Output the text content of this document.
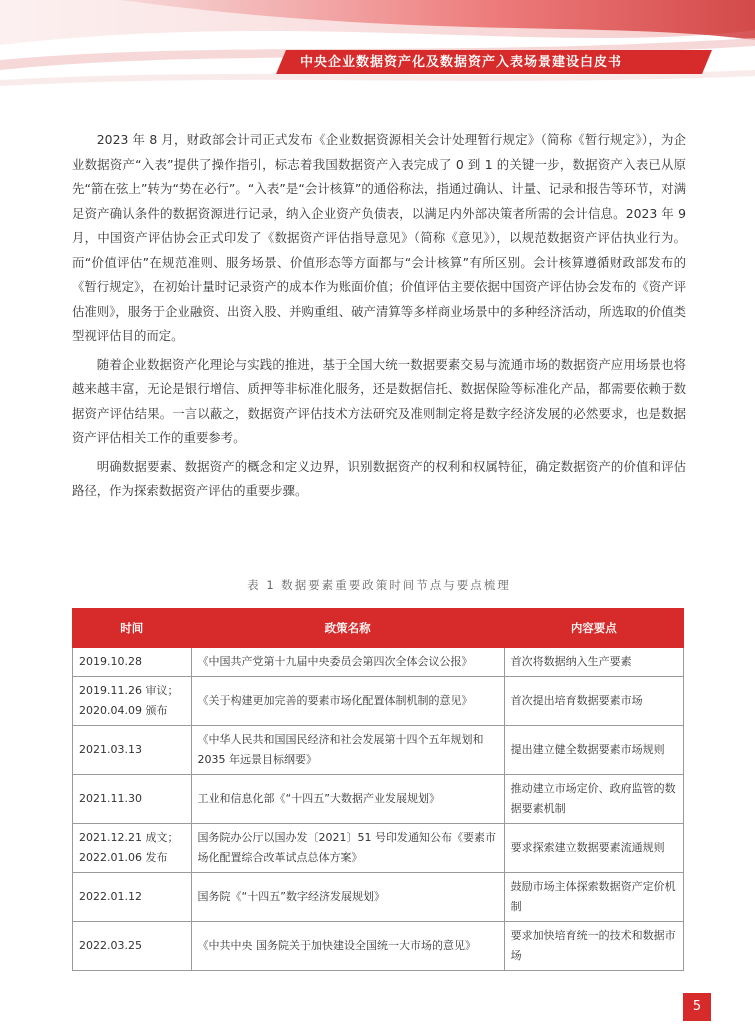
中央企业数据资产化及数据资产入表场景建设白皮书

2023 年 8 月，财政部会计司正式发布《企业数据资源相关会计处理暂行规定》（简称《暂行规定》），为企业数据资产“入表”提供了操作指引，标志着我国数据资产入表完成了 0 到 1 的关键一步，数据资产入表已从原先“箭在弦上”转为“势在必行”。“入表”是“会计核算”的通俗称法，指通过确认、计量、记录和报告等环节，对满足资产确认条件的数据资源进行记录，纳入企业资产负债表，以满足内外部决策者所需的会计信息。2023 年 9 月，中国资产评估协会正式印发了《数据资产评估指导意见》（简称《意见》），以规范数据资产评估执业行为。而“价值评估”在规范准则、服务场景、价值形态等方面都与“会计核算”有所区别。会计核算遵循财政部发布的《暂行规定》，在初始计量时记录资产的成本作为账面价值；价值评估主要依据中国资产评估协会发布的《资产评估准则》，服务于企业融资、出资入股、并购重组、破产清算等多样商业场景中的多种经济活动，所选取的价值类型视评估目的而定。

随着企业数据资产化理论与实践的推进，基于全国大统一数据要素交易与流通市场的数据资产应用场景也将越来越丰富，无论是银行增信、质押等非标准化服务，还是数据信托、数据保险等标准化产品，都需要依赖于数据资产评估结果。一言以蔽之，数据资产评估技术方法研究及准则制定将是数字经济发展的必然要求，也是数据资产评估相关工作的重要参考。

明确数据要素、数据资产的概念和定义边界，识别数据资产的权利和权属特征，确定数据资产的价值和评估路径，作为探索数据资产评估的重要步骤。

表 1 数据要素重要政策时间节点与要点梳理
时间	政策名称	内容要点
2019.10.28	《中国共产党第十九届中央委员会第四次全体会议公报》	首次将数据纳入生产要素
2019.11.26 审议；
2020.04.09 颁布	《关于构建更加完善的要素市场化配置体制机制的意见》	首次提出培育数据要素市场
2021.03.13	《中华人民共和国国民经济和社会发展第十四个五年规划和 2035 年远景目标纲要》	提出建立健全数据要素市场规则
2021.11.30	工业和信息化部《“十四五”大数据产业发展规划》	推动建立市场定价、政府监管的数据要素机制
2021.12.21 成文；
2022.01.06 发布	国务院办公厅以国办发〔2021〕51 号印发通知公布《要素市场化配置综合改革试点总体方案》	要求探索建立数据要素流通规则
2022.01.12	国务院《“十四五”数字经济发展规划》	鼓励市场主体探索数据资产定价机制
2022.03.25	《中共中央 国务院关于加快建设全国统一大市场的意见》	要求加快培育统一的技术和数据市场
5
